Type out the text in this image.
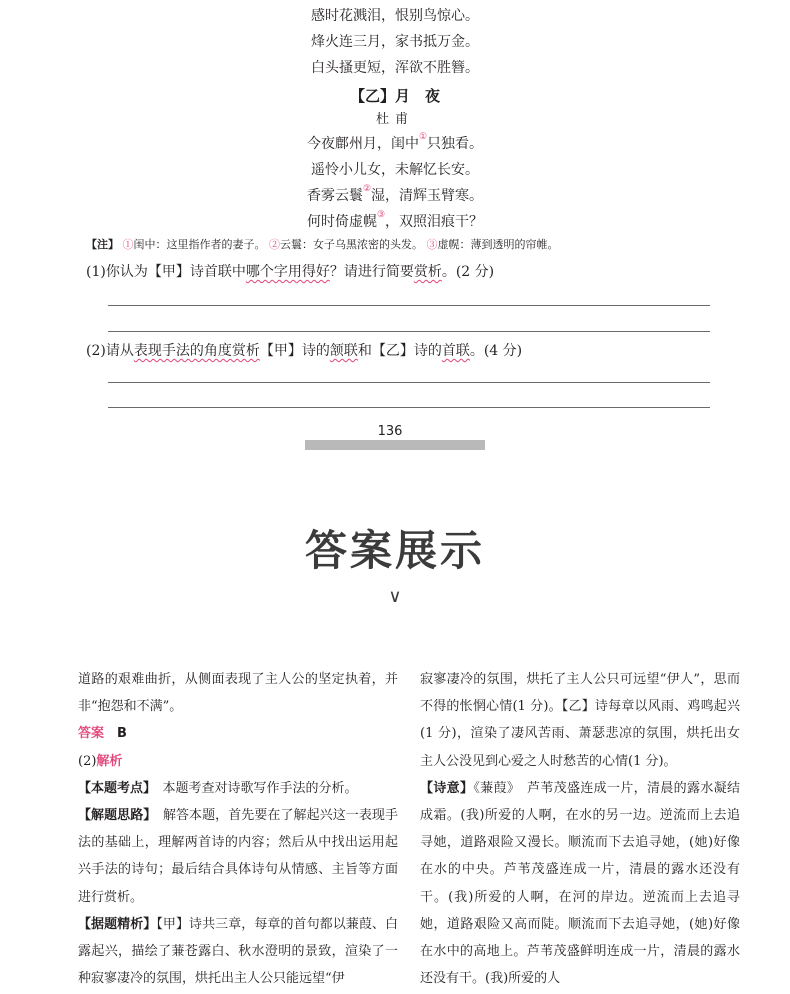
感时花溅泪，恨别鸟惊心。
烽火连三月，家书抵万金。
白头搔更短，浑欲不胜簪。
【乙】月　夜
杜甫
今夜鄜州月，闺中①只独看。
遥怜小儿女，未解忆长安。
香雾云鬟②湿，清辉玉臂寒。
何时倚虚幌③，双照泪痕干？
【注】 ①闺中：这里指作者的妻子。 ②云鬟：女子乌黑浓密的头发。 ③虚幌：薄到透明的帘帷。
(1)你认为【甲】诗首联中哪个字用得好？请进行简要赏析。(2 分)
(2)请从表现手法的角度赏析【甲】诗的颔联和【乙】诗的首联。(4 分)
136
答案展示
∨

道路的艰难曲折，从侧面表现了主人公的坚定执着，并非“抱怨和不满”。

答案　 B

(2)解析

【本题考点】　 本题考查对诗歌写作手法的分析。

【解题思路】　 解答本题，首先要在了解起兴这一表现手法的基础上，理解两首诗的内容；然后从中找出运用起兴手法的诗句；最后结合具体诗句从情感、主旨等方面进行赏析。

【据题精析】【甲】诗共三章，每章的首句都以蒹葭、白露起兴，描绘了蒹苍露白、秋水澄明的景致，渲染了一种寂寥凄冷的氛围，烘托出主人公只能远望“伊

寂寥凄冷的氛围，烘托了主人公只可远望“伊人”，思而不得的怅惘心情(1 分)。【乙】诗每章以风雨、鸡鸣起兴(1 分)，渲染了凄风苦雨、萧瑟悲凉的氛围，烘托出女主人公没见到心爱之人时愁苦的心情(1 分)。

【诗意】《蒹葭》　芦苇茂盛连成一片，清晨的露水凝结成霜。(我)所爱的人啊，在水的另一边。逆流而上去追寻她，道路艰险又漫长。顺流而下去追寻她，(她)好像在水的中央。芦苇茂盛连成一片，清晨的露水还没有干。(我)所爱的人啊，在河的岸边。逆流而上去追寻她，道路艰险又高而陡。顺流而下去追寻她，(她)好像在水中的高地上。芦苇茂盛鲜明连成一片，清晨的露水还没有干。(我)所爱的人
